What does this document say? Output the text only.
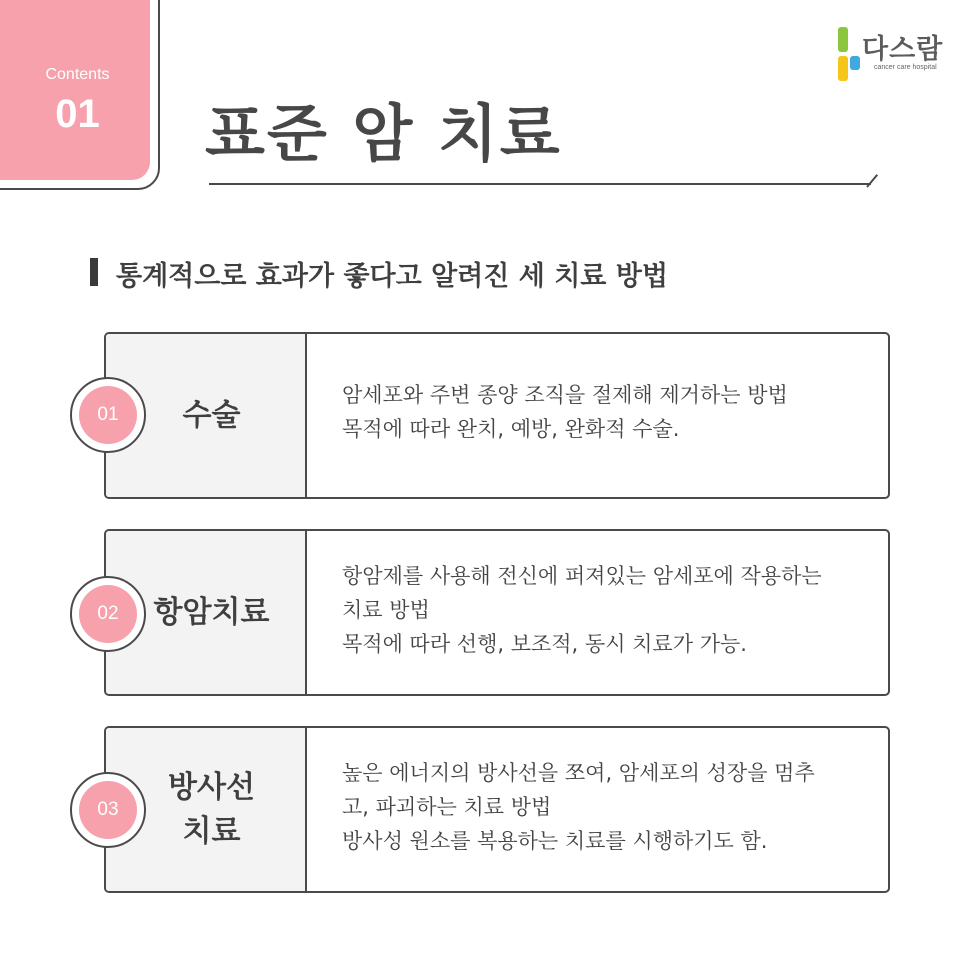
Contents
01	표준 암 치료
다스람
cancer care hospital
통계적으로 효과가 좋다고 알려진 세 치료 방법
수술
암세포와 주변 종양 조직을 절제해 제거하는 방법
목적에 따라 완치, 예방, 완화적 수술.
01
항암치료
항암제를 사용해 전신에 퍼져있는 암세포에 작용하는
치료 방법
목적에 따라 선행, 보조적, 동시 치료가 가능.
02
방사선
치료
높은 에너지의 방사선을 쪼여, 암세포의 성장을 멈추
고, 파괴하는 치료 방법
방사성 원소를 복용하는 치료를 시행하기도 함.
03
